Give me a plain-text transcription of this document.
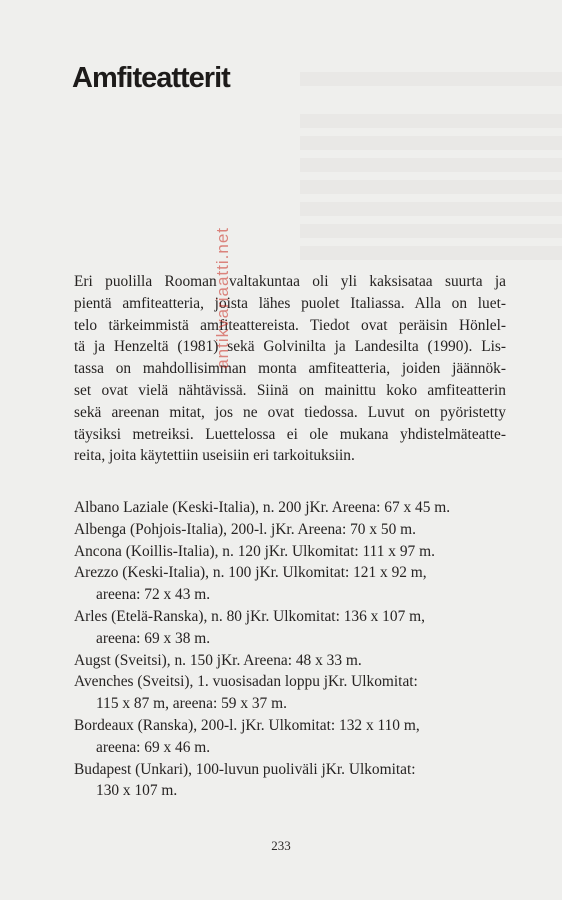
Amfiteatterit

Eri puolilla Rooman valtakuntaa oli yli kaksisataa suurta ja
pientä amfiteatteria, joista lähes puolet Italiassa. Alla on luet-
telo tärkeimmistä amfiteattereista. Tiedot ovat peräisin Hönlel-
tä ja Henzeltä (1981) sekä Golvinilta ja Landesilta (1990). Lis-
tassa on mahdollisimman monta amfiteatteria, joiden jäännök-
set ovat vielä nähtävissä. Siinä on mainittu koko amfiteatterin
sekä areenan mitat, jos ne ovat tiedossa. Luvut on pyöristetty
täysiksi metreiksi. Luettelossa ei ole mukana yhdistelmäteatte-
reita, joita käytettiin useisiin eri tarkoituksiin.

Albano Laziale (Keski-Italia), n. 200 jKr. Areena: 67 x 45 m.
Albenga (Pohjois-Italia), 200-l. jKr. Areena: 70 x 50 m.
Ancona (Koillis-Italia), n. 120 jKr. Ulkomitat: 111 x 97 m.
Arezzo (Keski-Italia), n. 100 jKr. Ulkomitat: 121 x 92 m,
areena: 72 x 43 m.
Arles (Etelä-Ranska), n. 80 jKr. Ulkomitat: 136 x 107 m,
areena: 69 x 38 m.
Augst (Sveitsi), n. 150 jKr. Areena: 48 x 33 m.
Avenches (Sveitsi), 1. vuosisadan loppu jKr. Ulkomitat:
115 x 87 m, areena: 59 x 37 m.
Bordeaux (Ranska), 200-l. jKr. Ulkomitat: 132 x 110 m,
areena: 69 x 46 m.
Budapest (Unkari), 100-luvun puoliväli jKr. Ulkomitat:
130 x 107 m.
233
antikvariaatti.net
